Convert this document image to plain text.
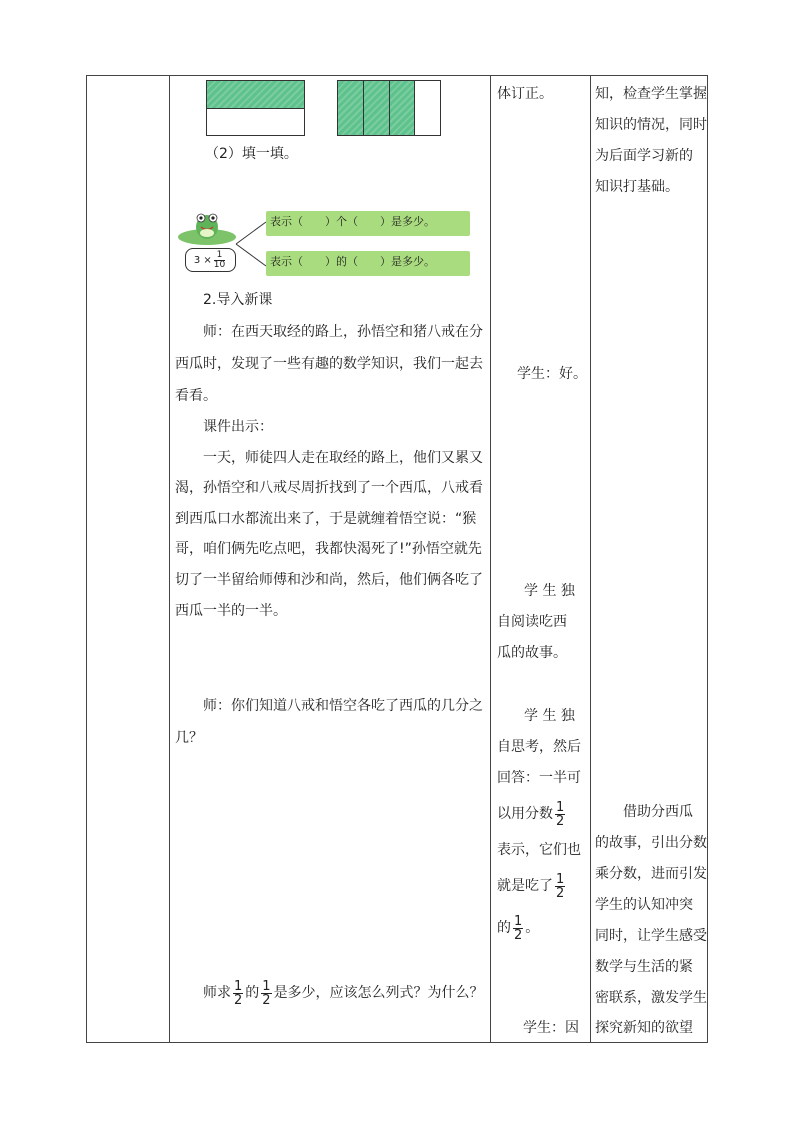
（2）填一填。
$3 \times \frac{1}{10}$
表示（　　）个（　　）是多少。
表示（　　）的（　　）是多少。
2.导入新课
师：在西天取经的路上，孙悟空和猪八戒在分
西瓜时，发现了一些有趣的数学知识，我们一起去
看看。
课件出示：
一天，师徒四人走在取经的路上，他们又累又
渴，孙悟空和八戒尽周折找到了一个西瓜，八戒看
到西瓜口水都流出来了，于是就缠着悟空说：“猴
哥，咱们俩先吃点吧，我都快渴死了!”孙悟空就先
切了一半留给师傅和沙和尚，然后，他们俩各吃了
西瓜一半的一半。
师：你们知道八戒和悟空各吃了西瓜的几分之
几？
师求 $\frac{1}{2}$ 的 $\frac{1}{2}$ 是多少，应该怎么列式？为什么？
体订正。
学生：好。
学 生 独
自阅读吃西
瓜的故事。
学 生 独
自思考，然后
回答：一半可
以用分数 $\frac{1}{2}$
表示，它们也
就是吃了 $\frac{1}{2}$
的 $\frac{1}{2}$ 。
学生：因
知，检查学生掌握
知识的情况，同时
为后面学习新的
知识打基础。
借助分西瓜
的故事，引出分数
乘分数，进而引发
学生的认知冲突
同时，让学生感受
数学与生活的紧
密联系，激发学生
探究新知的欲望
